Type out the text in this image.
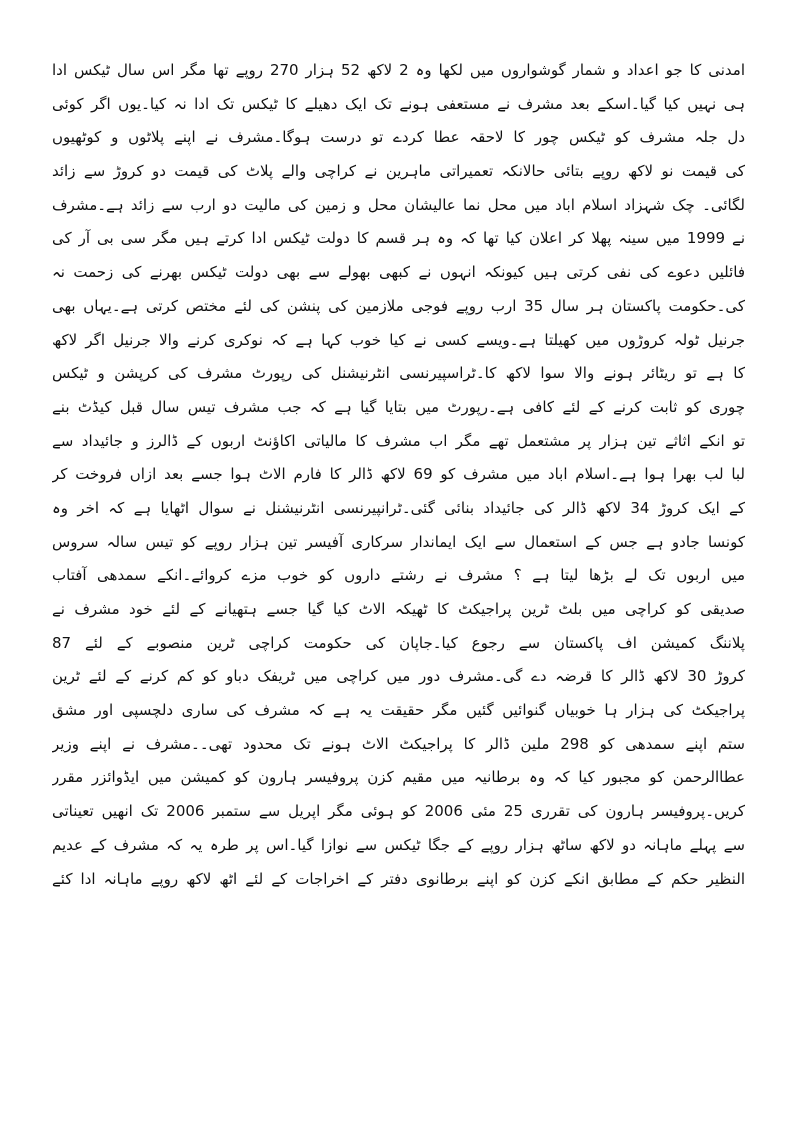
امدنی کا جو اعداد و شمار گوشواروں میں لکھا وہ 2 لاکھ 52 ہزار 270 روپے تھا مگر اس سال ٹیکس ادا
ہی نہیں کیا گیا۔اسکے بعد مشرف نے مستعفی ہونے تک ایک دھیلے کا ٹیکس تک ادا نہ کیا۔یوں اگر کوئی
دل جلہ مشرف کو ٹیکس چور کا لاحقہ عطا کردے تو درست ہوگا۔مشرف نے اپنے پلاٹوں و کوٹھیوں
کی قیمت نو لاکھ روپے بتائی حالانکہ تعمیراتی ماہرین نے کراچی والے پلاٹ کی قیمت دو کروڑ سے زائد
لگائی۔ چک شہزاد اسلام اباد میں محل نما عالیشان محل و زمین کی مالیت دو ارب سے زائد ہے۔مشرف
نے 1999 میں سینہ پھلا کر اعلان کیا تھا کہ وہ ہر قسم کا دولت ٹیکس ادا کرتے ہیں مگر سی بی آر کی
فائلیں دعوے کی نفی کرتی ہیں کیونکہ انہوں نے کبھی بھولے سے بھی دولت ٹیکس بھرنے کی زحمت نہ
کی۔حکومت پاکستان ہر سال 35 ارب روپے فوجی ملازمین کی پنشن کی لئے مختص کرتی ہے۔یہاں بھی
جرنیل ٹولہ کروڑوں میں کھیلتا ہے۔ویسے کسی نے کیا خوب کہا ہے کہ نوکری کرنے والا جرنیل اگر لاکھ
کا ہے تو ریٹائر ہونے والا سوا لاکھ کا۔ٹراسپیرنسی انٹرنیشنل کی رپورٹ مشرف کی کرپشن و ٹیکس
چوری کو ثابت کرنے کے لئے کافی ہے۔رپورٹ میں بتایا گیا ہے کہ جب مشرف تیس سال قبل کیڈٹ بنے
تو انکے اثاثے تین ہزار پر مشتعمل تھے مگر اب مشرف کا مالیاتی اکاؤنٹ اربوں کے ڈالرز و جائیداد سے
لبا لب بھرا ہوا ہے۔اسلام اباد میں مشرف کو 69 لاکھ ڈالر کا فارم الاٹ ہوا جسے بعد ازاں فروخت کر
کے ایک کروڑ 34 لاکھ ڈالر کی جائیداد بنائی گئی۔ٹرانپیرنسی انٹرنیشنل نے سوال اٹھایا ہے کہ اخر وہ
کونسا جادو ہے جس کے استعمال سے ایک ایماندار سرکاری آفیسر تین ہزار روپے کو تیس سالہ سروس
میں اربوں تک لے بڑھا لیتا ہے ؟ مشرف نے رشتے داروں کو خوب مزے کروائے۔انکے سمدھی آفتاب
صدیقی کو کراچی میں بلٹ ٹرین پراجیکٹ کا ٹھیکہ الاٹ کیا گیا جسے ہتھیانے کے لئے خود مشرف نے
پلاننگ کمیشن اف پاکستان سے رجوع کیا۔جاپان کی حکومت کراچی ٹرین منصوبے کے لئے 87
کروڑ 30 لاکھ ڈالر کا قرضہ دے گی۔مشرف دور میں کراچی میں ٹریفک دباو کو کم کرنے کے لئے ٹرین
پراجیکٹ کی ہزار ہا خوبیاں گنوائیں گئیں مگر حقیقت یہ ہے کہ مشرف کی ساری دلچسپی اور مشق
ستم اپنے سمدھی کو 298 ملین ڈالر کا پراجیکٹ الاٹ ہونے تک محدود تھی۔۔مشرف نے اپنے وزیر
عطاالرحمن کو مجبور کیا کہ وہ برطانیہ میں مقیم کزن پروفیسر ہارون کو کمیشن میں ایڈوائزر مقرر
کریں۔پروفیسر ہارون کی تقرری 25 مئی 2006 کو ہوئی مگر اپریل سے ستمبر 2006 تک انھیں تعیناتی
سے پہلے ماہانہ دو لاکھ ساٹھ ہزار روپے کے جگا ٹیکس سے نوازا گیا۔اس پر طرہ یہ کہ مشرف کے عدیم
النظیر حکم کے مطابق انکے کزن کو اپنے برطانوی دفتر کے اخراجات کے لئے اٹھ لاکھ روپے ماہانہ ادا کئے
